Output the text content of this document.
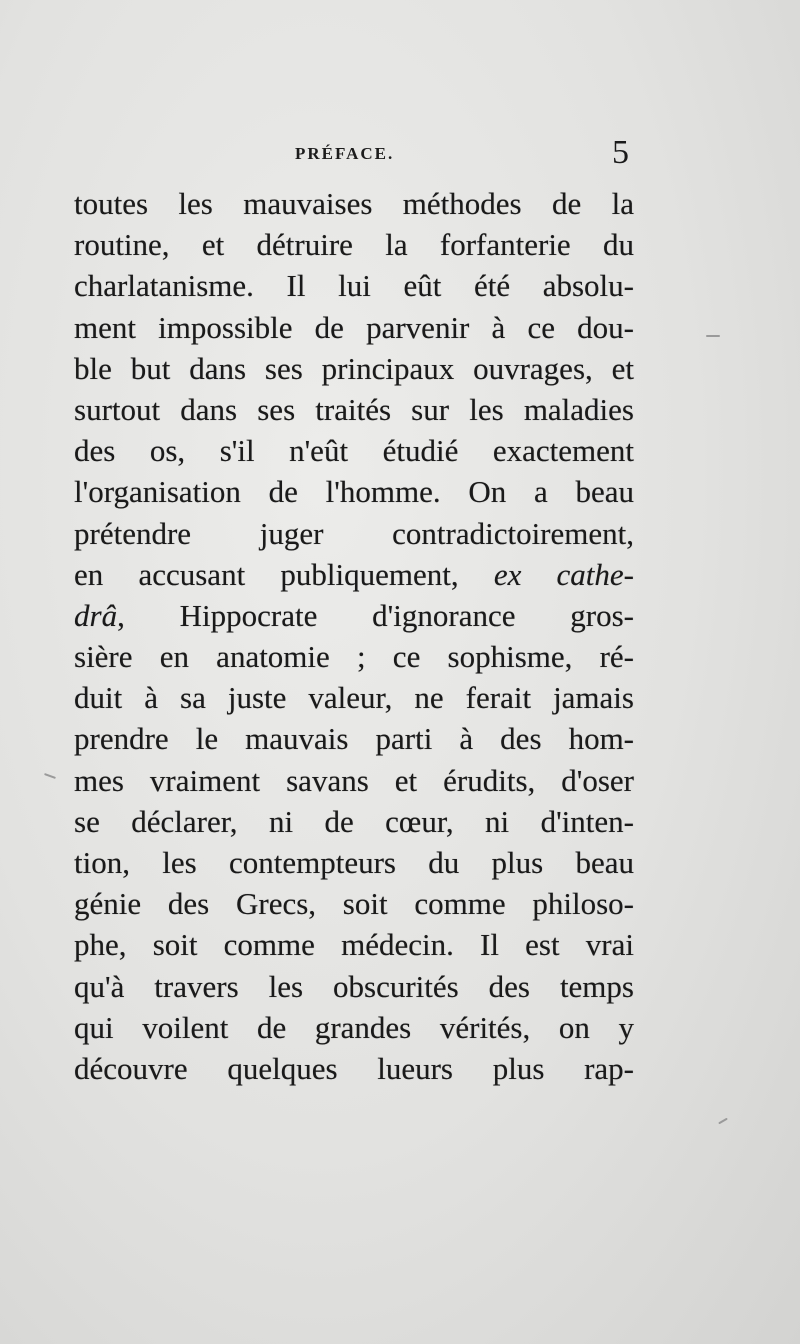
PRÉFACE.	5
toutes les mauvaises méthodes de la
routine, et détruire la forfanterie du
charlatanisme. Il lui eût été absolu-
ment impossible de parvenir à ce dou-
ble but dans ses principaux ouvrages, et
surtout dans ses traités sur les maladies
des os, s'il n'eût étudié exactement
l'organisation de l'homme. On a beau
prétendre juger contradictoirement,
en accusant publiquement, ex cathe-
drâ, Hippocrate d'ignorance gros-
sière en anatomie ; ce sophisme, ré-
duit à sa juste valeur, ne ferait jamais
prendre le mauvais parti à des hom-
mes vraiment savans et érudits, d'oser
se déclarer, ni de cœur, ni d'inten-
tion, les contempteurs du plus beau
génie des Grecs, soit comme philoso-
phe, soit comme médecin. Il est vrai
qu'à travers les obscurités des temps
qui voilent de grandes vérités, on y
découvre quelques lueurs plus rap-
